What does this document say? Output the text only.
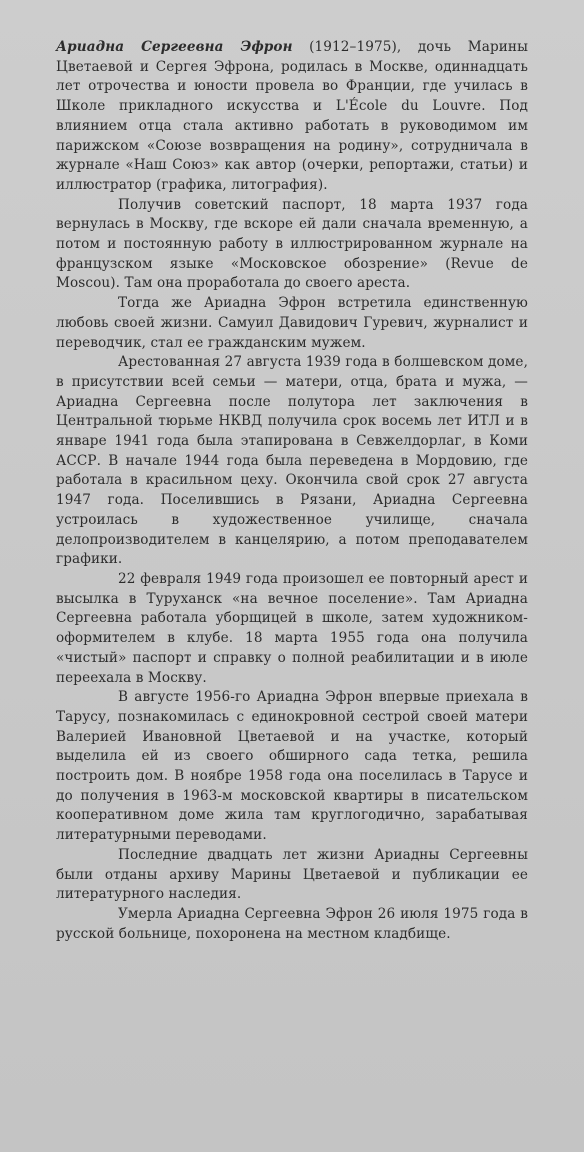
Ариадна Сергеевна Эфрон (1912–1975), дочь Марины Цветаевой и Сергея Эфрона, родилась в Москве, одиннадцать лет отрочества и юности провела во Франции, где училась в Школе прикладного искусства и L'École du Louvre. Под влиянием отца стала активно работать в руководимом им парижском «Союзе возвращения на родину», сотрудничала в журнале «Наш Союз» как автор (очерки, репортажи, статьи) и иллюстратор (графика, литография).

Получив советский паспорт, 18 марта 1937 года вернулась в Москву, где вскоре ей дали сначала временную, а потом и постоянную работу в иллюстрированном журнале на французском языке «Московское обозрение» (Revue de Moscou). Там она проработала до своего ареста.

Тогда же Ариадна Эфрон встретила единственную любовь своей жизни. Самуил Давидович Гуревич, журналист и переводчик, стал ее гражданским мужем.

Арестованная 27 августа 1939 года в болшевском доме, в присутствии всей семьи — матери, отца, брата и мужа, — Ариадна Сергеевна после полутора лет заключения в Центральной тюрьме НКВД получила срок восемь лет ИТЛ и в январе 1941 года была этапирована в Севжелдорлаг, в Коми АССР. В начале 1944 года была переведена в Мордовию, где работала в красильном цеху. Окончила свой срок 27 августа 1947 года. Поселившись в Рязани, Ариадна Сергеевна устроилась в художественное училище, сначала делопроизводителем в канцелярию, а потом преподавателем графики.

22 февраля 1949 года произошел ее повторный арест и высылка в Туруханск «на вечное поселение». Там Ариадна Сергеевна работала уборщицей в школе, затем художником-оформителем в клубе. 18 марта 1955 года она получила «чистый» паспорт и справку о полной реабилитации и в июле переехала в Москву.

В августе 1956-го Ариадна Эфрон впервые приехала в Тарусу, познакомилась с единокровной сестрой своей матери Валерией Ивановной Цветаевой и на участке, который выделила ей из своего обширного сада тетка, решила построить дом. В ноябре 1958 года она поселилась в Тарусе и до получения в 1963-м московской квартиры в писательском кооперативном доме жила там круглогодично, зарабатывая литературными переводами.

Последние двадцать лет жизни Ариадны Сергеевны были отданы архиву Марины Цветаевой и публикации ее литературного наследия.

Умерла Ариадна Сергеевна Эфрон 26 июля 1975 года в русской больнице, похоронена на местном кладбище.
